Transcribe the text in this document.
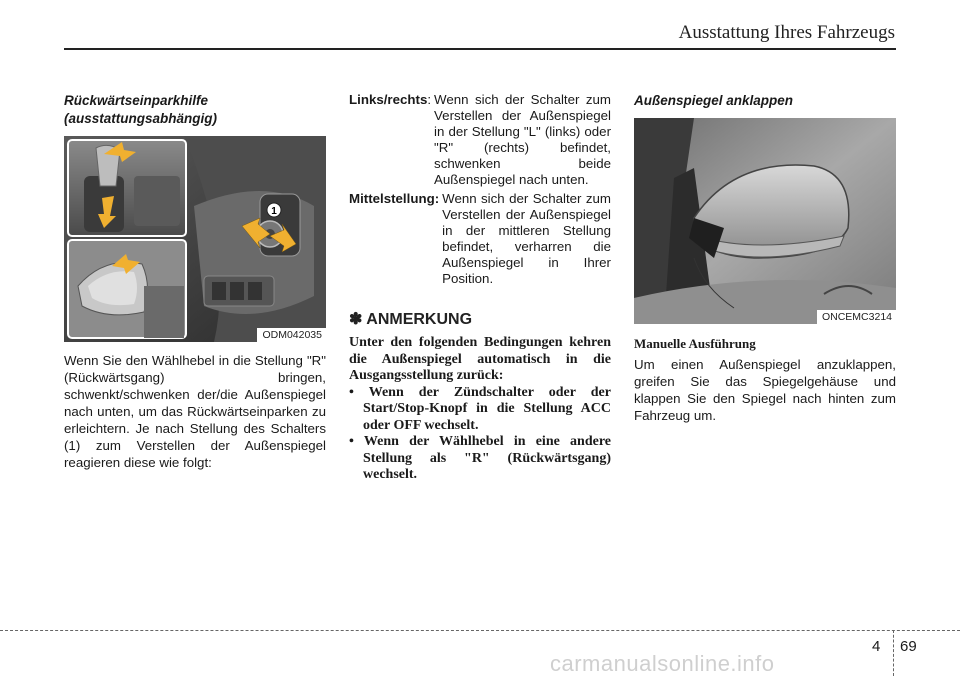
Ausstattung Ihres Fahrzeugs
Rückwärtseinparkhilfe
(ausstattungsabhängig)
1
ODM042035

Wenn Sie den Wählhebel in die Stellung "R" (Rückwärtsgang) bringen, schwenkt/schwenken der/die Außenspiegel nach unten, um das Rückwärtseinparken zu erleichtern. Je nach Stellung des Schalters (1) zum Verstellen der Außenspiegel reagieren diese wie folgt:

Links/rechts : Wenn sich der Schalter zum Verstellen der Außenspiegel in der Stellung "L" (links) oder "R" (rechts) befindet, schwenken beide Außenspiegel nach unten.
Mittelstellung : Wenn sich der Schalter zum Verstellen der Außenspiegel in der mittleren Stellung befindet, verharren die Außenspiegel in Ihrer Position.
✽ ANMERKUNG

Unter den folgenden Bedingungen kehren die Außenspiegel automatisch in die Ausgangsstellung zurück:

• Wenn der Zündschalter oder der Start/Stop-Knopf in die Stellung ACC oder OFF wechselt.
• Wenn der Wählhebel in eine andere Stellung als "R" (Rückwärtsgang) wechselt.
Außenspiegel anklappen
ONCEMC3214
Manuelle Ausführung

Um einen Außenspiegel anzuklappen, greifen Sie das Spiegelgehäuse und klappen Sie den Spiegel nach hinten zum Fahrzeug um.

4 69
carmanualsonline.info
